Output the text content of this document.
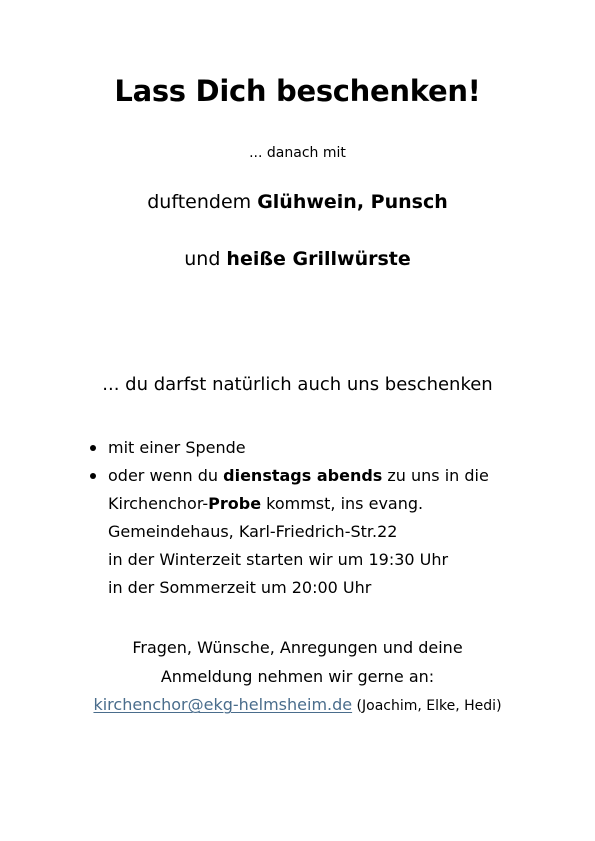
Lass Dich beschenken!
... danach mit
duftendem Glühwein, Punsch
und heiße Grillwürste
... du darfst natürlich auch uns beschenken
mit einer Spende
oder wenn du dienstags abends zu uns in die
Kirchenchor-Probe kommst, ins evang.
Gemeindehaus, Karl-Friedrich-Str.22
in der Winterzeit starten wir um 19:30 Uhr
in der Sommerzeit um 20:00 Uhr
Fragen, Wünsche, Anregungen und deine
Anmeldung nehmen wir gerne an:
kirchenchor@ekg-helmsheim.de (Joachim, Elke, Hedi)
